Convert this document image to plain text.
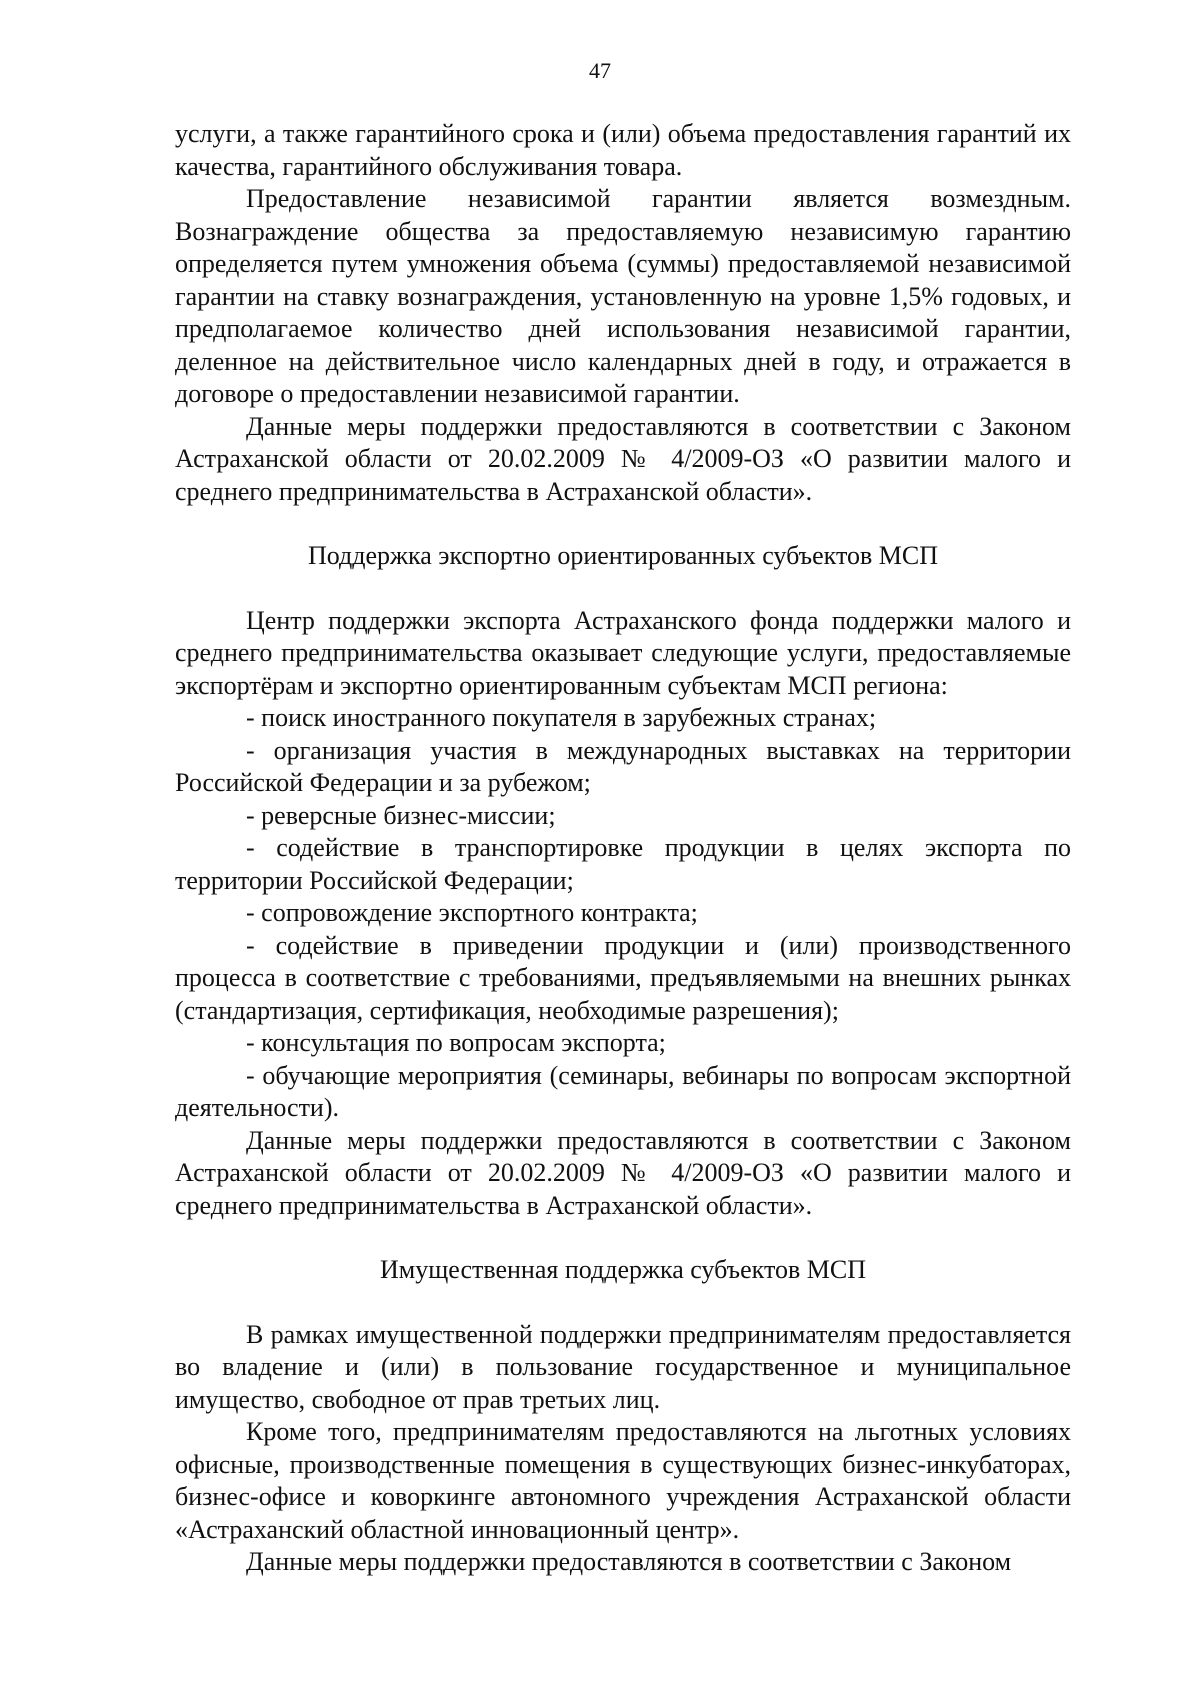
47

услуги, а также гарантийного срока и (или) объема предоставления гарантий их качества, гарантийного обслуживания товара.

Предоставление независимой гарантии является возмездным. Вознаграждение общества за предоставляемую независимую гарантию определяется путем умножения объема (суммы) предоставляемой независимой гарантии на ставку вознаграждения, установленную на уровне 1,5% годовых, и предполагаемое количество дней использования независимой гарантии, деленное на действительное число календарных дней в году, и отражается в договоре о предоставлении независимой гарантии.

Данные меры поддержки предоставляются в соответствии с Законом Астраханской области от 20.02.2009 № 4/2009-ОЗ «О развитии малого и среднего предпринимательства в Астраханской области».

Поддержка экспортно ориентированных субъектов МСП

Центр поддержки экспорта Астраханского фонда поддержки малого и среднего предпринимательства оказывает следующие услуги, предоставляемые экспортёрам и экспортно ориентированным субъектам МСП региона:

- поиск иностранного покупателя в зарубежных странах;

- организация участия в международных выставках на территории Российской Федерации и за рубежом;

- реверсные бизнес-миссии;

- содействие в транспортировке продукции в целях экспорта по территории Российской Федерации;

- сопровождение экспортного контракта;

- содействие в приведении продукции и (или) производственного процесса в соответствие с требованиями, предъявляемыми на внешних рынках (стандартизация, сертификация, необходимые разрешения);

- консультация по вопросам экспорта;

- обучающие мероприятия (семинары, вебинары по вопросам экспортной деятельности).

Данные меры поддержки предоставляются в соответствии с Законом Астраханской области от 20.02.2009 № 4/2009-ОЗ «О развитии малого и среднего предпринимательства в Астраханской области».

Имущественная поддержка субъектов МСП

В рамках имущественной поддержки предпринимателям предоставляется во владение и (или) в пользование государственное и муниципальное имущество, свободное от прав третьих лиц.

Кроме того, предпринимателям предоставляются на льготных условиях офисные, производственные помещения в существующих бизнес-инкубаторах, бизнес-офисе и коворкинге автономного учреждения Астраханской области «Астраханский областной инновационный центр».

Данные меры поддержки предоставляются в соответствии с Законом
